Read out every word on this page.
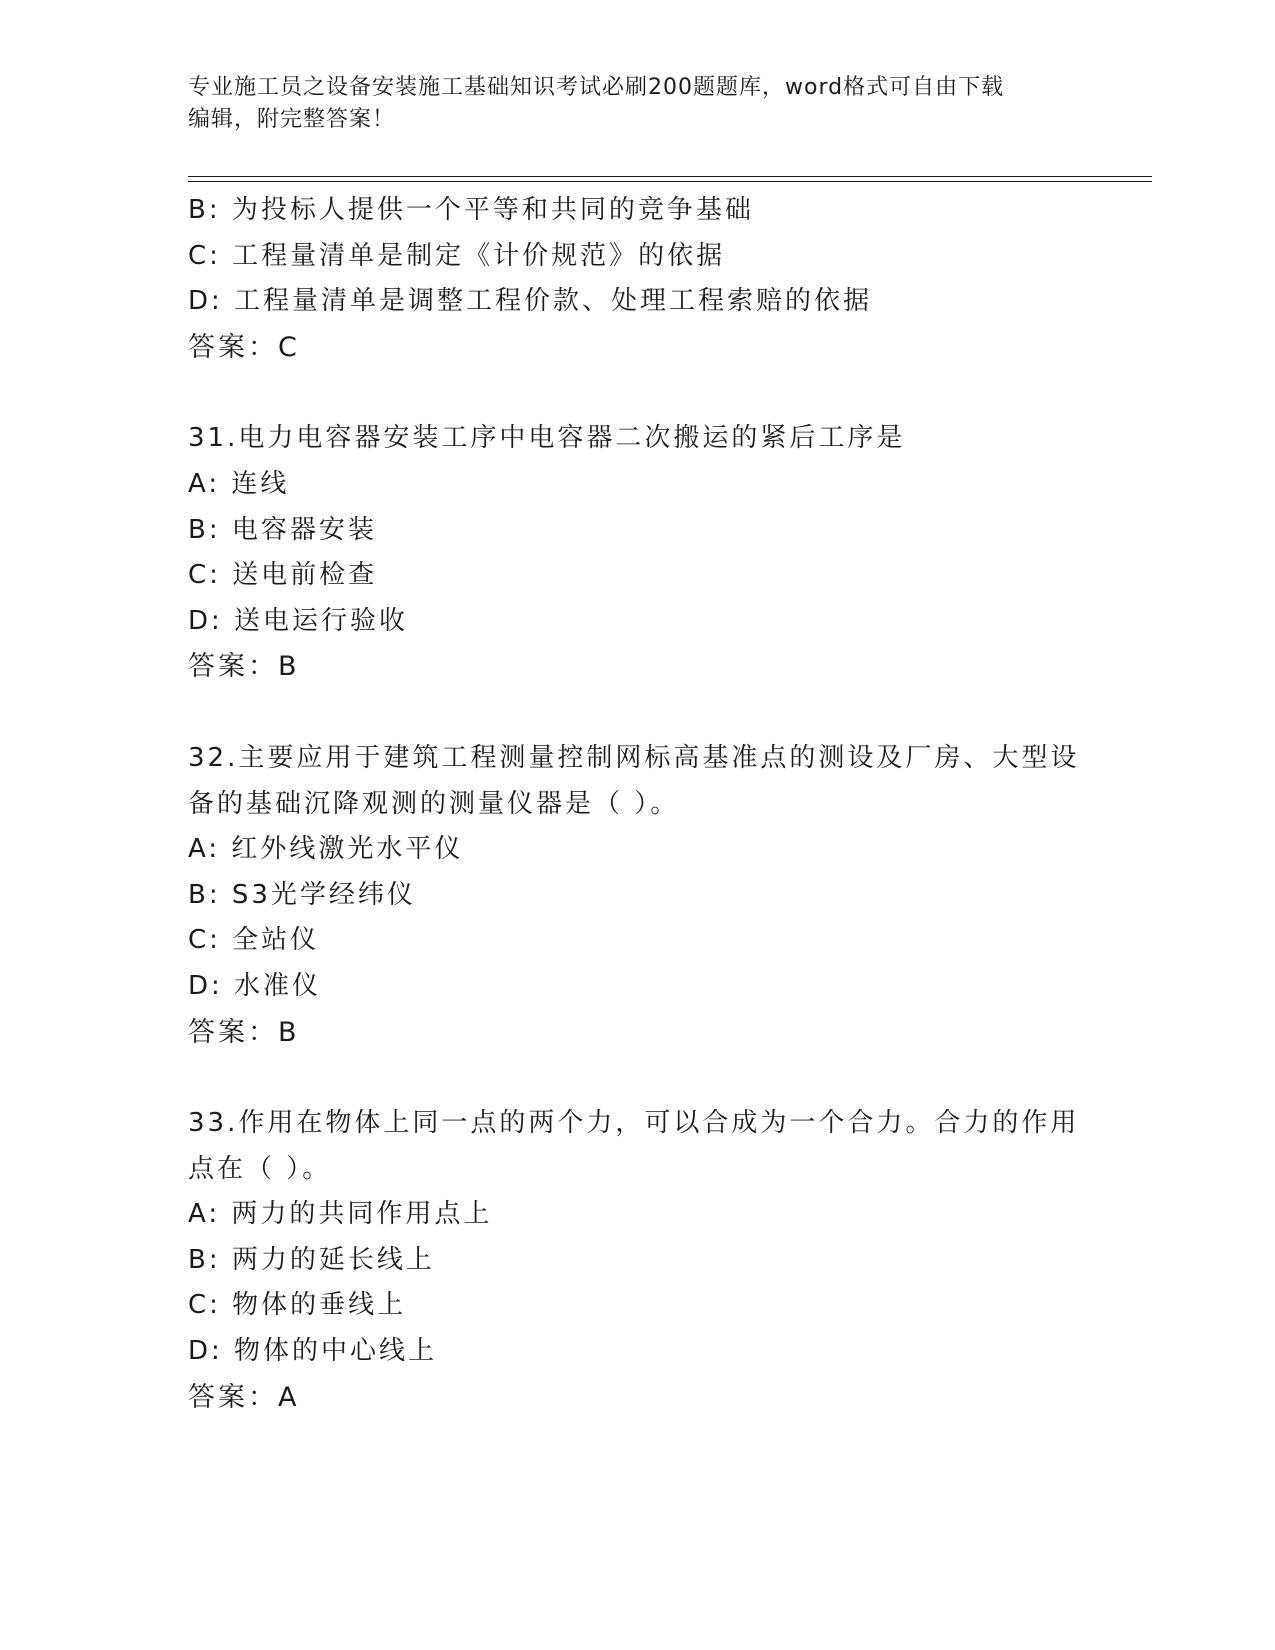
专业施工员之设备安装施工基础知识考试必刷200题题库，word格式可自由下载
编辑，附完整答案！
B: 为投标人提供一个平等和共同的竞争基础
C: 工程量清单是制定《计价规范》的依据
D: 工程量清单是调整工程价款、处理工程索赔的依据
答案：C
31.电力电容器安装工序中电容器二次搬运的紧后工序是
A: 连线
B: 电容器安装
C: 送电前检查
D: 送电运行验收
答案：B
32.主要应用于建筑工程测量控制网标高基准点的测设及厂房、大型设
备的基础沉降观测的测量仪器是（ ）。
A: 红外线激光水平仪
B: S3光学经纬仪
C: 全站仪
D: 水准仪
答案：B
33.作用在物体上同一点的两个力，可以合成为一个合力。合力的作用
点在（ ）。
A: 两力的共同作用点上
B: 两力的延长线上
C: 物体的垂线上
D: 物体的中心线上
答案：A
